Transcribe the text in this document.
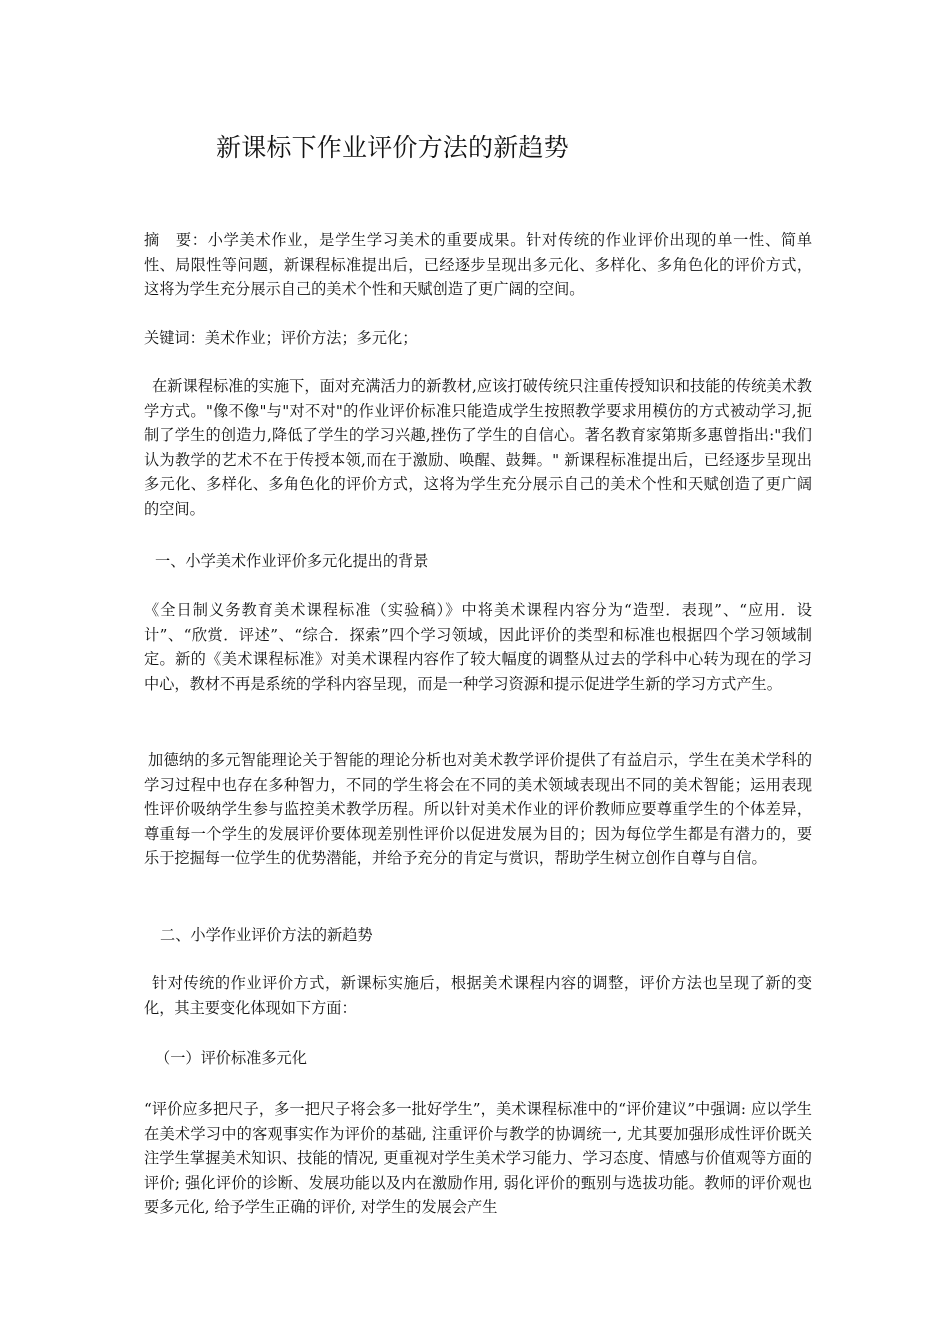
新课标下作业评价方法的新趋势

摘　要：小学美术作业，是学生学习美术的重要成果。针对传统的作业评价出现的单一性、简单性、局限性等问题，新课程标准提出后，已经逐步呈现出多元化、多样化、多角色化的评价方式，这将为学生充分展示自己的美术个性和天赋创造了更广阔的空间。

关键词：美术作业；评价方法；多元化；

在新课程标准的实施下，面对充满活力的新教材,应该打破传统只注重传授知识和技能的传统美术教学方式。"像不像"与"对不对"的作业评价标准只能造成学生按照教学要求用模仿的方式被动学习,扼制了学生的创造力,降低了学生的学习兴趣,挫伤了学生的自信心。著名教育家第斯多惠曾指出:"我们认为教学的艺术不在于传授本领,而在于激励、唤醒、鼓舞。" 新课程标准提出后，已经逐步呈现出多元化、多样化、多角色化的评价方式，这将为学生充分展示自己的美术个性和天赋创造了更广阔的空间。

一、小学美术作业评价多元化提出的背景

《全日制义务教育美术课程标准（实验稿）》中将美术课程内容分为“造型．表现”、“应用．设计”、“欣赏．评述”、“综合．探索”四个学习领域，因此评价的类型和标准也根据四个学习领域制定。新的《美术课程标准》对美术课程内容作了较大幅度的调整从过去的学科中心转为现在的学习中心，教材不再是系统的学科内容呈现，而是一种学习资源和提示促进学生新的学习方式产生。

加德纳的多元智能理论关于智能的理论分析也对美术教学评价提供了有益启示，学生在美术学科的学习过程中也存在多种智力，不同的学生将会在不同的美术领域表现出不同的美术智能；运用表现性评价吸纳学生参与监控美术教学历程。所以针对美术作业的评价教师应要尊重学生的个体差异，尊重每一个学生的发展评价要体现差别性评价以促进发展为目的；因为每位学生都是有潜力的，要乐于挖掘每一位学生的优势潜能，并给予充分的肯定与赏识，帮助学生树立创作自尊与自信。

二、小学作业评价方法的新趋势

针对传统的作业评价方式，新课标实施后，根据美术课程内容的调整，评价方法也呈现了新的变化，其主要变化体现如下方面：

（一）评价标准多元化

“评价应多把尺子，多一把尺子将会多一批好学生”，美术课程标准中的“评价建议”中强调: 应以学生在美术学习中的客观事实作为评价的基础, 注重评价与教学的协调统一, 尤其要加强形成性评价既关注学生掌握美术知识、技能的情况, 更重视对学生美术学习能力、学习态度、情感与价值观等方面的评价; 强化评价的诊断、发展功能以及内在激励作用, 弱化评价的甄别与选拔功能。教师的评价观也要多元化, 给予学生正确的评价, 对学生的发展会产生
